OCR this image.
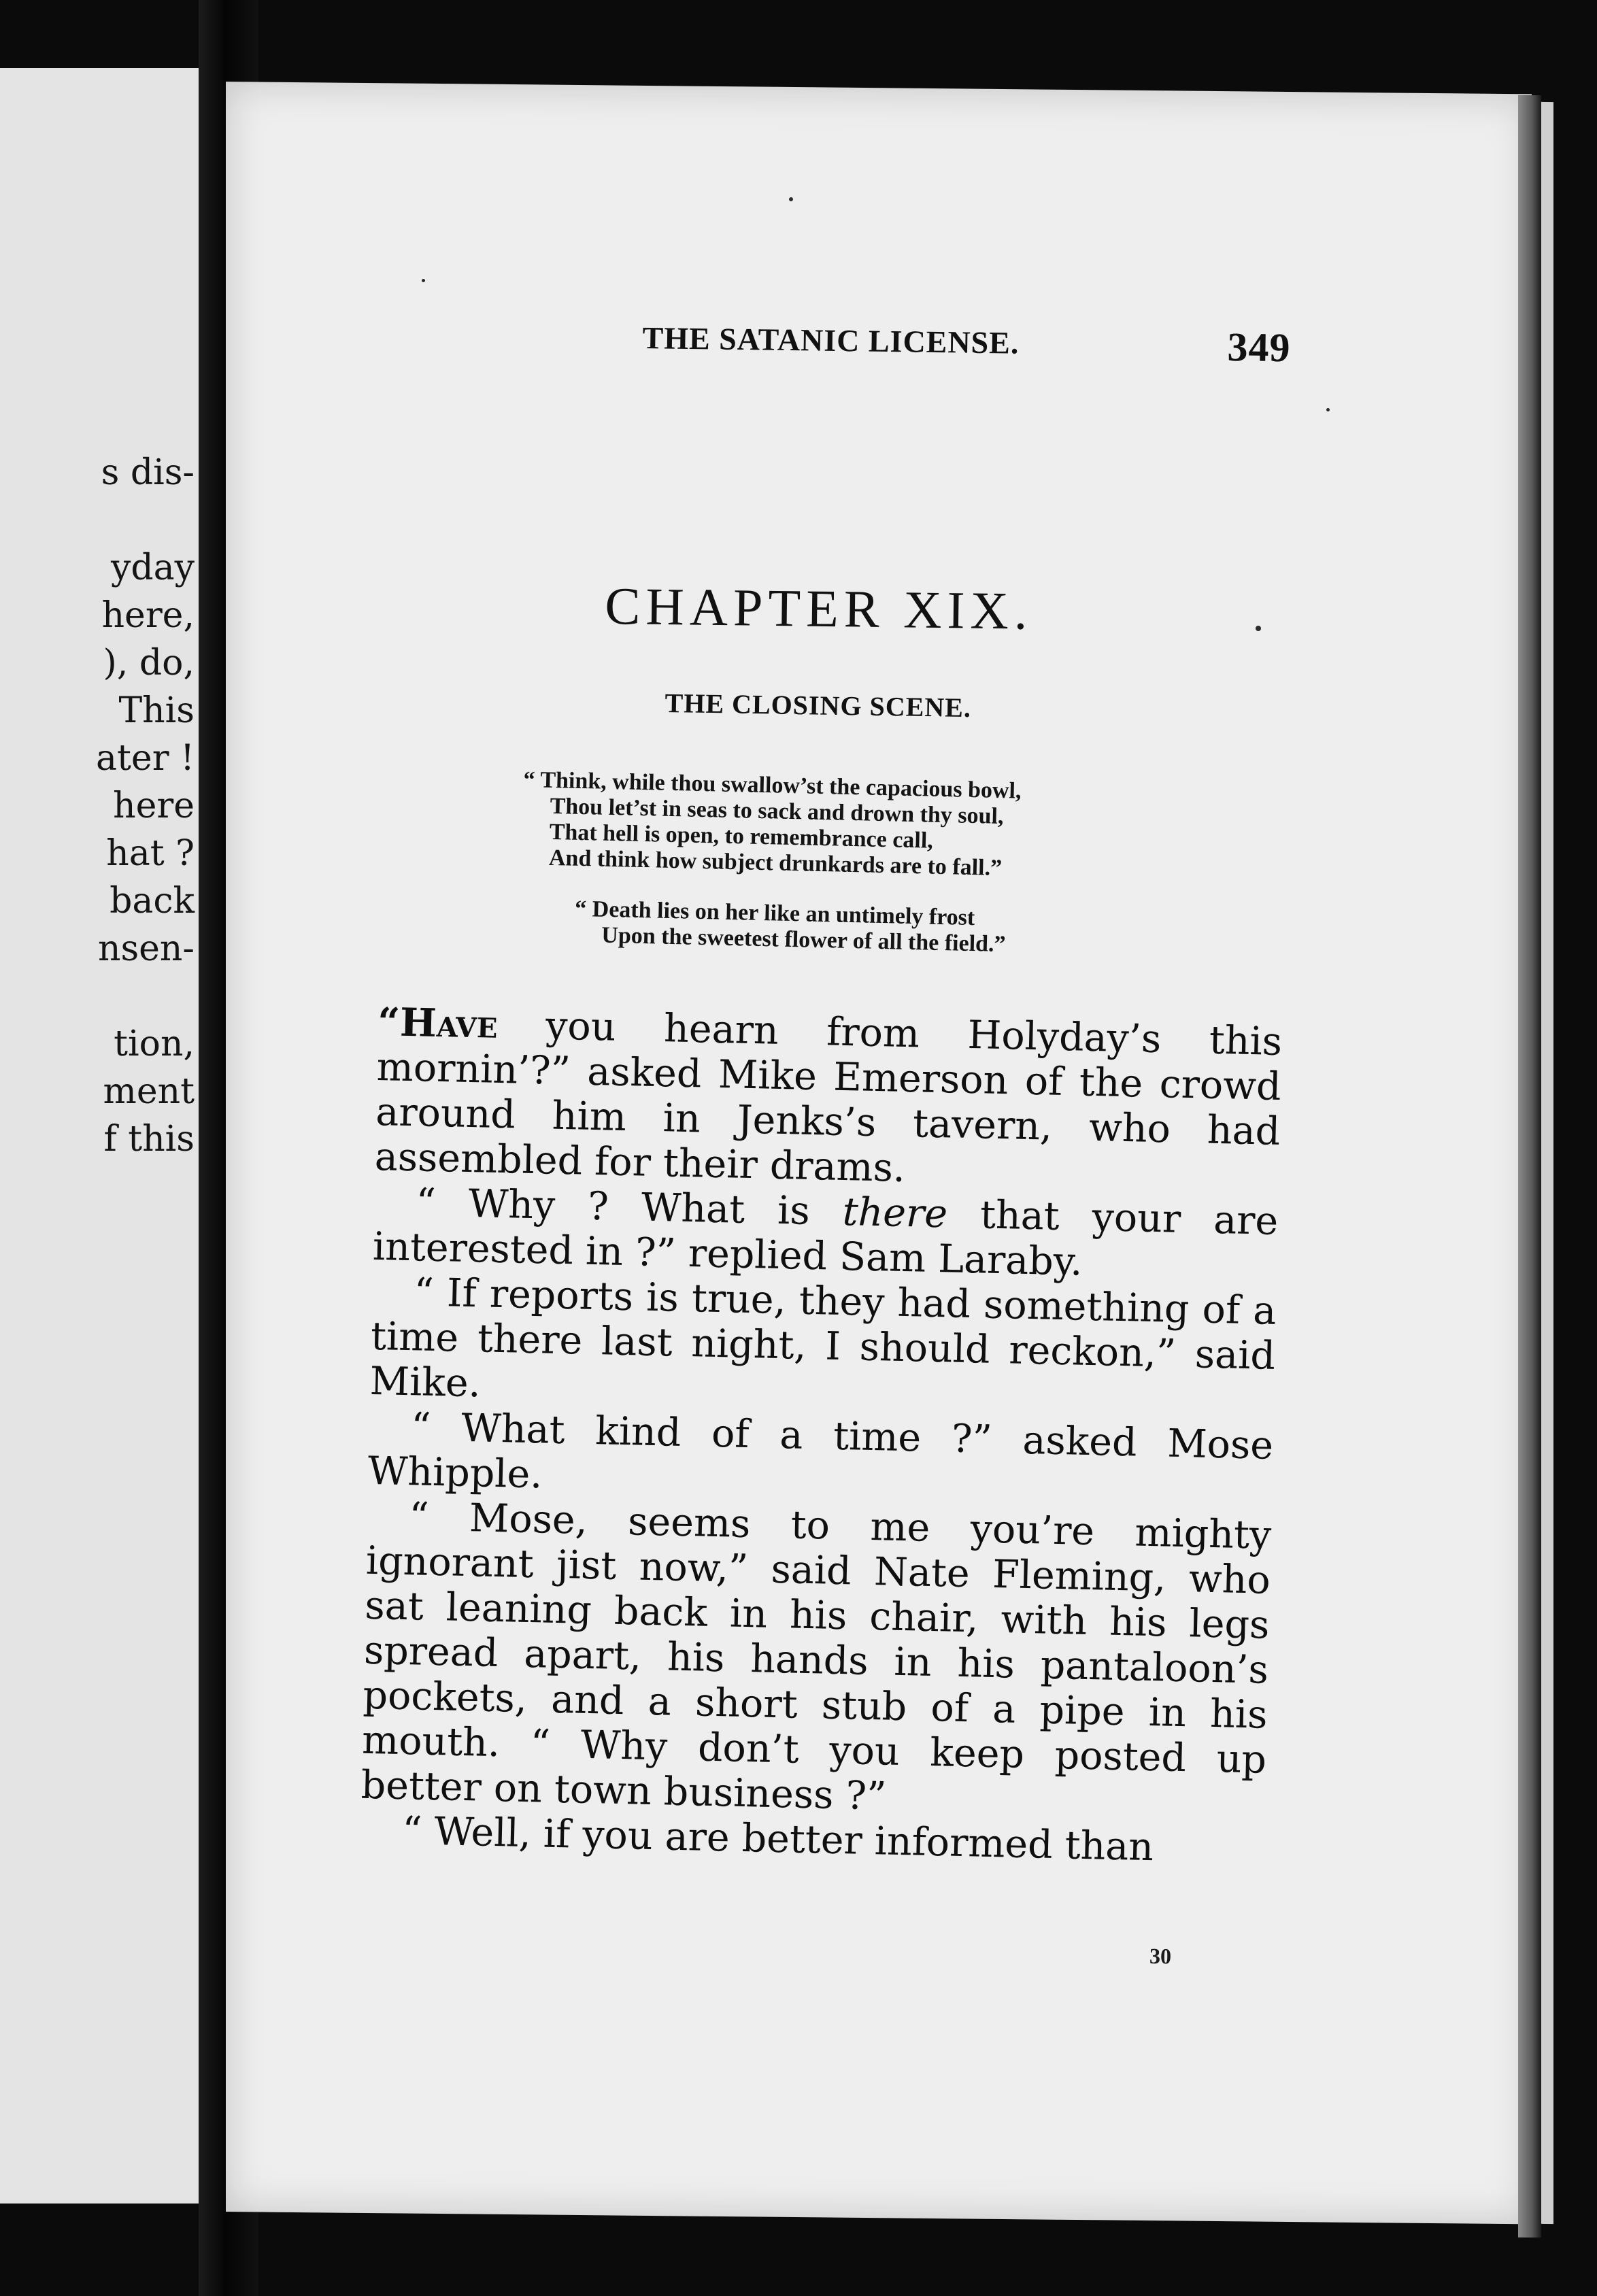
s dis-
yday
here,
), do,
This
ater !
here
hat ?
back
nsen-
tion,
ment
f this
THE SATANIC LICENSE.	349
CHAPTER XIX.
THE CLOSING SCENE.
“ Think, while thou swallow’st the capacious bowl,
Thou let’st in seas to sack and drown thy soul,
That hell is open, to remembrance call,
And think how subject drunkards are to fall.”
“ Death lies on her like an untimely frost
Upon the sweetest flower of all the field.”

“Have you hearn from Holyday’s this mornin’?” asked Mike Emerson of the crowd around him in Jenks’s tavern, who had assembled for their drams.

“ Why ? What is there that your are interested in ?” replied Sam Laraby.

“ If reports is true, they had something of a time there last night, I should reckon,” said Mike.

“ What kind of a time ?” asked Mose Whipple.

“ Mose, seems to me you’re mighty ignorant jist now,” said Nate Fleming, who sat leaning back in his chair, with his legs spread apart, his hands in his pantaloon’s pockets, and a short stub of a pipe in his mouth. “ Why don’t you keep posted up better on town business ?”

“ Well, if you are better informed than

30
